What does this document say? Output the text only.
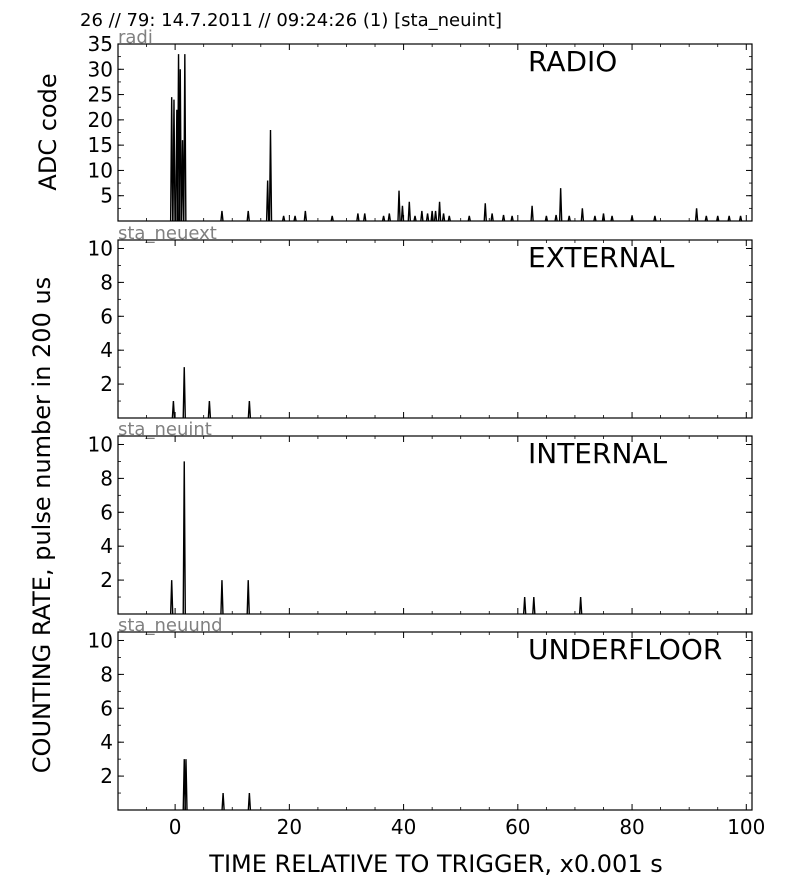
26 // 79: 14.7.2011 // 09:24:26 (1) [sta_neuint]
ADC code
COUNTING RATE, pulse number in 200 us
TIME RELATIVE TO TRIGGER, x0.001 s
radi
5
10
15
20
25
30
35
RADIO
sta_neuext
2
4
6
8
10	EXTERNAL
sta_neuint
2
4
6
8
10	INTERNAL
sta_neuund
2
4
6
8
10
0	20	40	60	80	100
UNDERFLOOR
